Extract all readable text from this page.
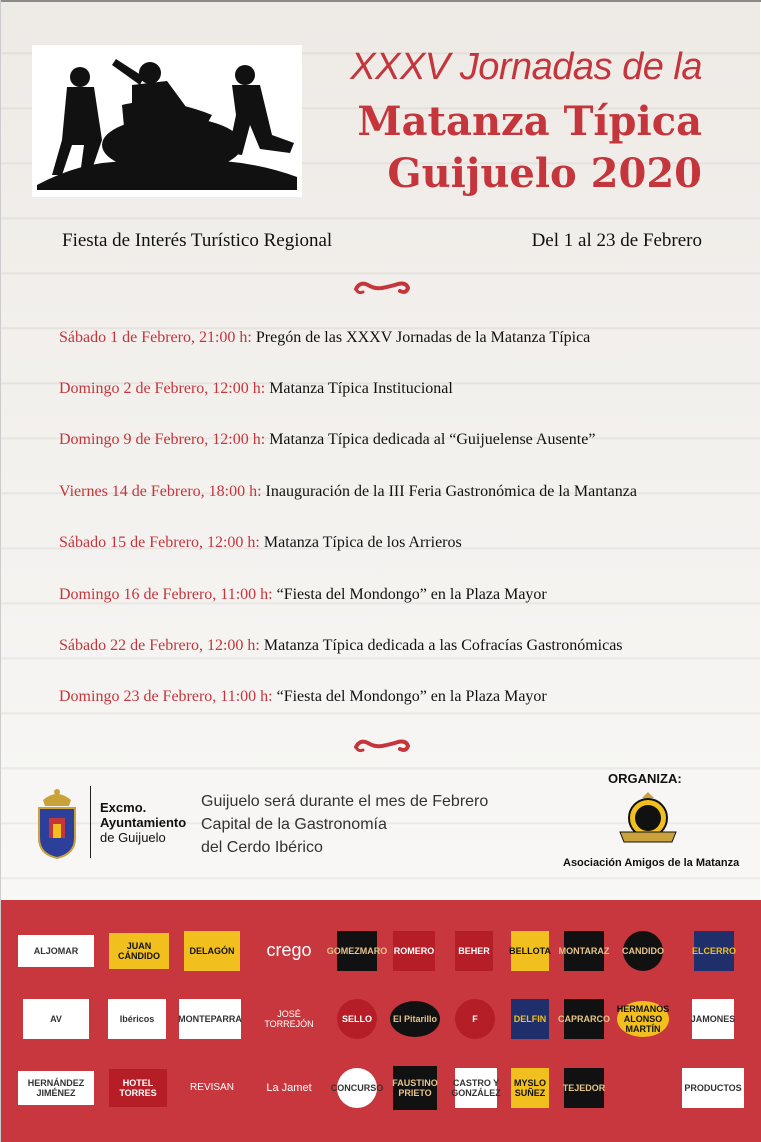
XXXV Jornadas de la
Matanza Típica
Guijuelo 2020
Fiesta de Interés Turístico Regional	Del 1 al 23 de Febrero
Sábado 1 de Febrero, 21:00 h: Pregón de las XXXV Jornadas de la Matanza Típica
Domingo 2 de Febrero, 12:00 h: Matanza Típica Institucional
Domingo 9 de Febrero, 12:00 h: Matanza Típica dedicada al “Guijuelense Ausente”
Viernes 14 de Febrero, 18:00 h: Inauguración de la III Feria Gastronómica de la Mantanza
Sábado 15 de Febrero, 12:00 h: Matanza Típica de los Arrieros
Domingo 16 de Febrero, 11:00 h: “Fiesta del Mondongo” en la Plaza Mayor
Sábado 22 de Febrero, 12:00 h: Matanza Típica dedicada a las Cofracías Gastronómicas
Domingo 23 de Febrero, 11:00 h: “Fiesta del Mondongo” en la Plaza Mayor
Excmo.
Ayuntamiento
de Guijuelo
Guijuelo será durante el mes de Febrero
Capital de la Gastronomía
del Cerdo Ibérico
ORGANIZA:
Asociación Amigos de la Matanza
ALJOMAR	JUAN CÁNDIDO	DELAGÓN	crego	GOMEZMARO ROMERO	BEHER	BELLOTA MONTARAZ CANDIDO	ELCERRO
AV	Ibéricos	MONTEPARRA	JOSÉ TORREJÓN	SELLO	El Pitarillo	F	DELFIN	CAPRARCO
HERMANOS ALONSO MARTÍN
JAMONES
HERNÁNDEZ JIMÉNEZ
HOTEL TORRES	REVISAN	La Jamet	CONCURSO FAUSTINO PRIETO
CASTRO Y GONZÁLEZ
MYSLO SUÑEZ	TEJEDOR	PRODUCTOS
